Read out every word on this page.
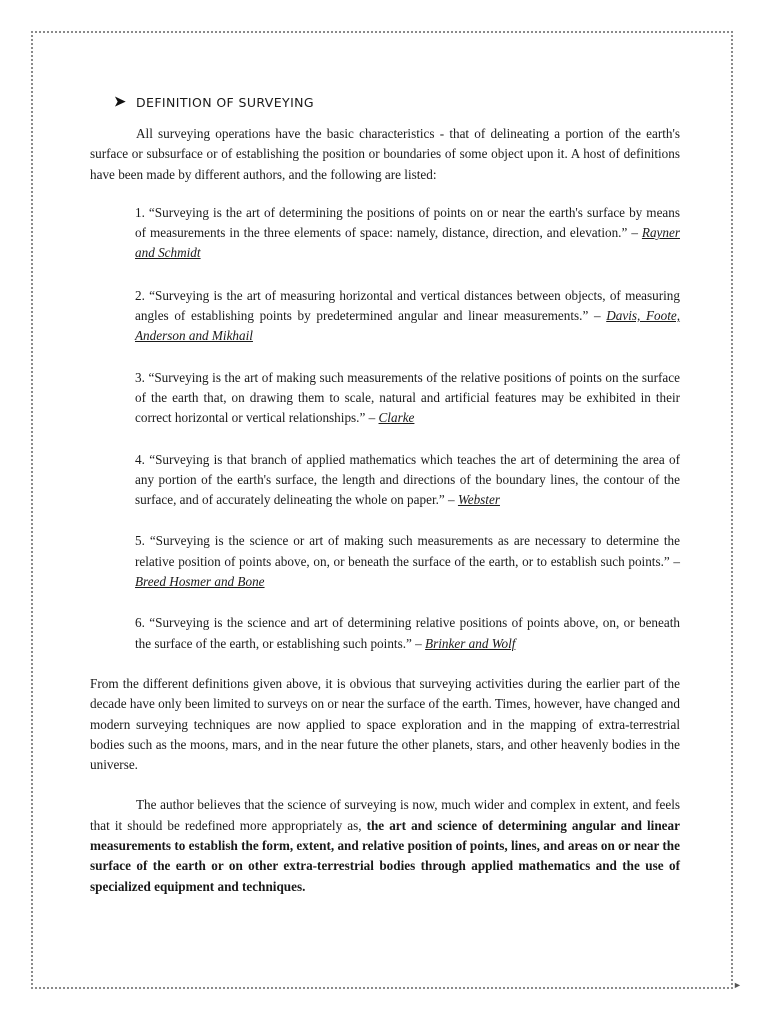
►
➤ DEFINITION OF SURVEYING

All surveying operations have the basic characteristics - that of delineating a portion of the earth's surface or subsurface or of establishing the position or boundaries of some object upon it. A host of definitions have been made by different authors, and the following are listed:

1. “Surveying is the art of determining the positions of points on or near the earth's surface by means of measurements in the three elements of space: namely, distance, direction, and elevation.” – Rayner and Schmidt

2. “Surveying is the art of measuring horizontal and vertical distances between objects, of measuring angles of establishing points by predetermined angular and linear measurements.” – Davis, Foote, Anderson and Mikhail

3. “Surveying is the art of making such measurements of the relative positions of points on the surface of the earth that, on drawing them to scale, natural and artificial features may be exhibited in their correct horizontal or vertical relationships.” – Clarke

4. “Surveying is that branch of applied mathematics which teaches the art of determining the area of any portion of the earth's surface, the length and directions of the boundary lines, the contour of the surface, and of accurately delineating the whole on paper.” – Webster

5. “Surveying is the science or art of making such measurements as are necessary to determine the relative position of points above, on, or beneath the surface of the earth, or to establish such points.” – Breed Hosmer and Bone

6. “Surveying is the science and art of determining relative positions of points above, on, or beneath the surface of the earth, or establishing such points.” – Brinker and Wolf

From the different definitions given above, it is obvious that surveying activities during the earlier part of the decade have only been limited to surveys on or near the surface of the earth. Times, however, have changed and modern surveying techniques are now applied to space exploration and in the mapping of extra-terrestrial bodies such as the moons, mars, and in the near future the other planets, stars, and other heavenly bodies in the universe.

The author believes that the science of surveying is now, much wider and complex in extent, and feels that it should be redefined more appropriately as, the art and science of determining angular and linear measurements to establish the form, extent, and relative position of points, lines, and areas on or near the surface of the earth or on other extra-terrestrial bodies through applied mathematics and the use of specialized equipment and techniques.
